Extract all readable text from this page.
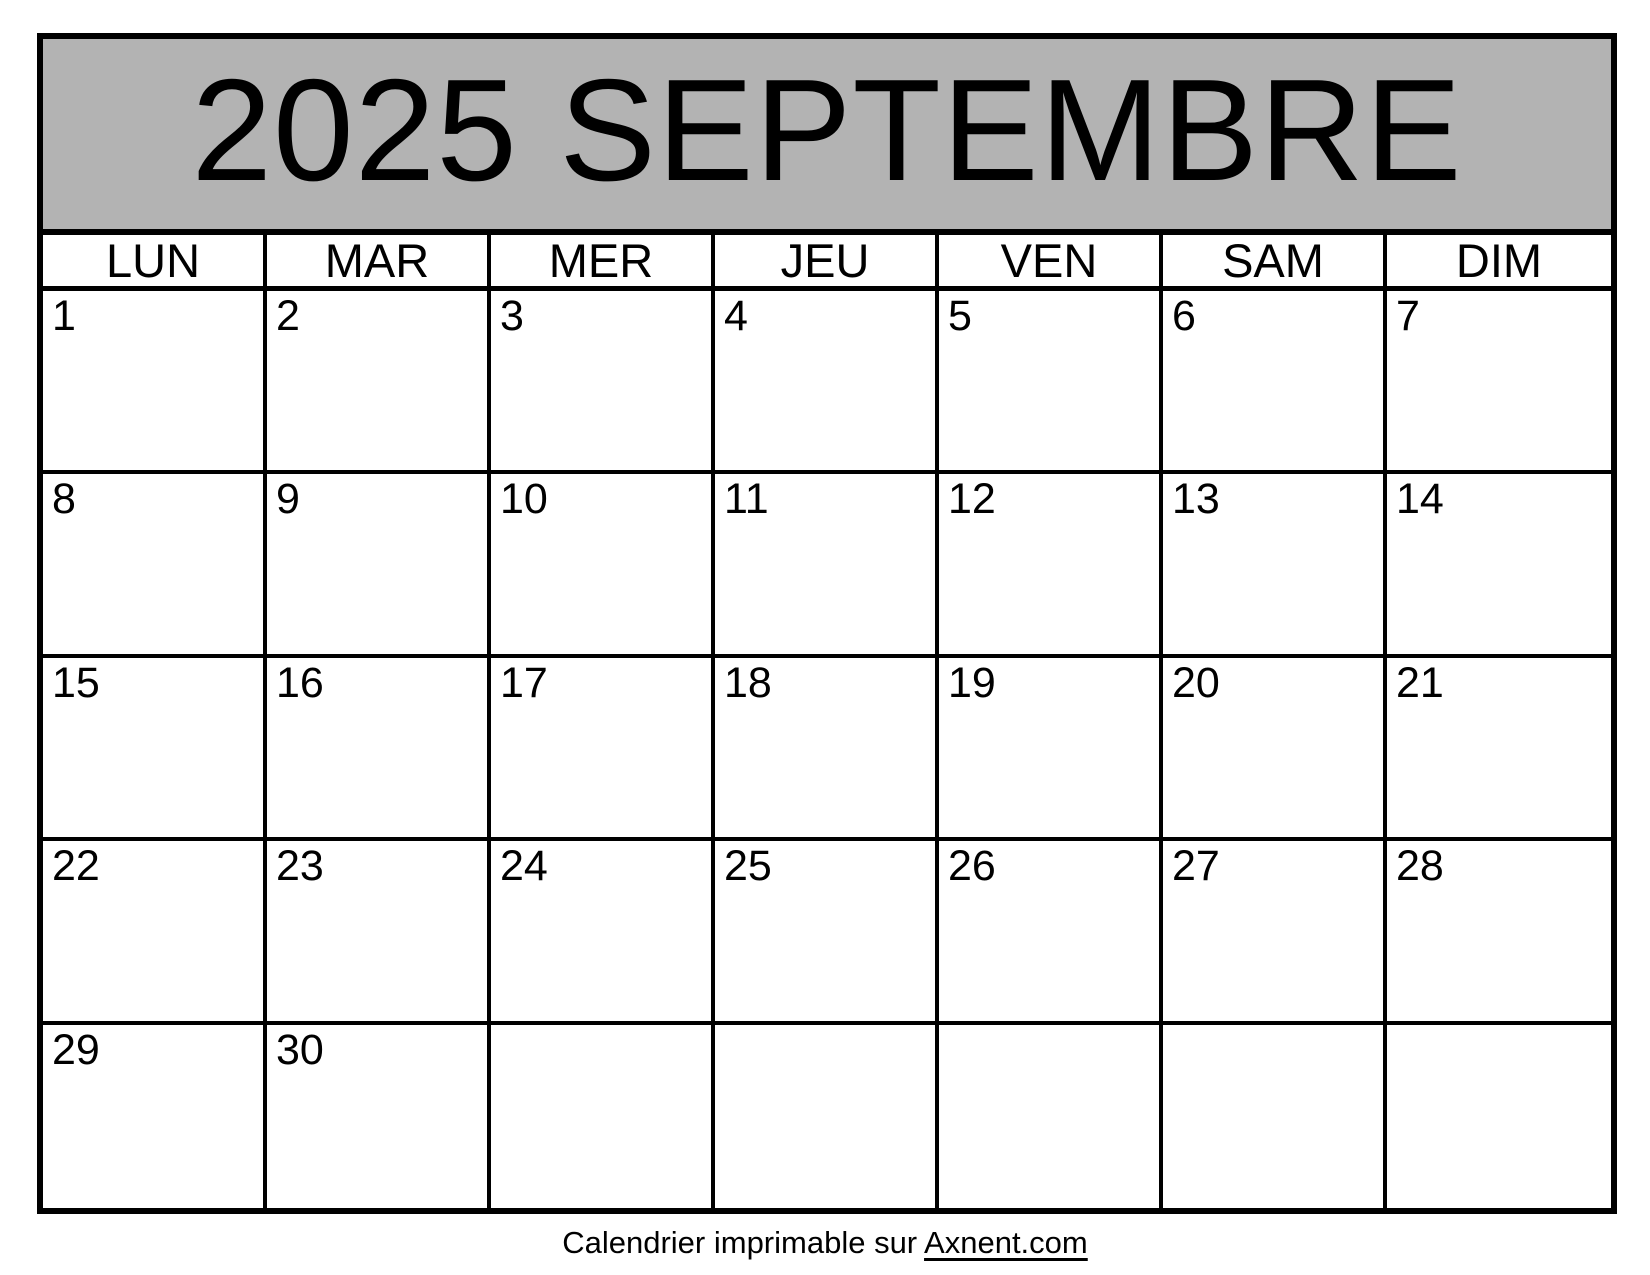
2025 SEPTEMBRE
LUN	MAR	MER	JEU	VEN	SAM	DIM
1	2	3	4	5	6	7
8	9	10	11	12	13	14
15	16	17	18	19	20	21
22	23	24	25	26	27	28
29	30
Calendrier imprimable sur Axnent.com
